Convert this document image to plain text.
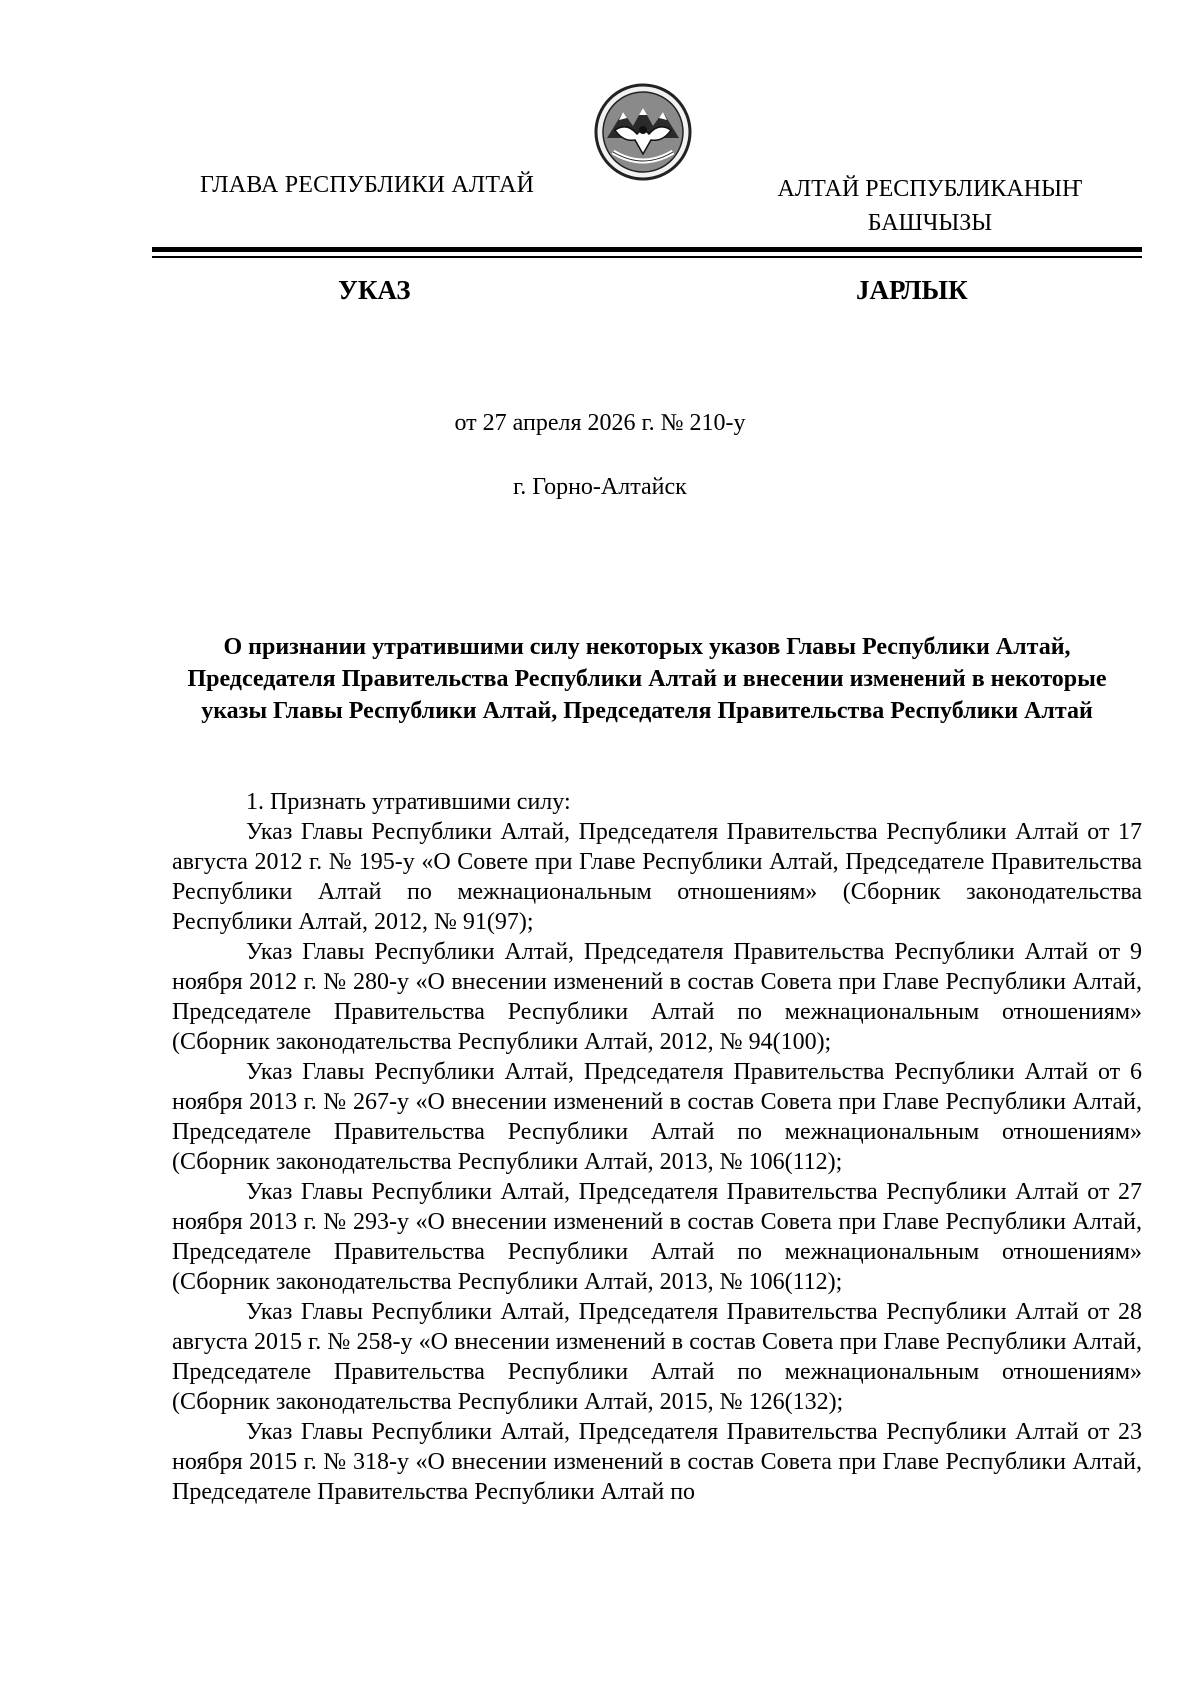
ГЛАВА РЕСПУБЛИКИ АЛТАЙ	АЛТАЙ РЕСПУБЛИКАНЫҤ
БАШЧЫЗЫ
УКАЗ	ЈАРЛЫК
от 27 апреля 2026 г. № 210-у
г. Горно-Алтайск
О признании утратившими силу некоторых указов Главы Республики Алтай, Председателя Правительства Республики Алтай и внесении изменений в некоторые указы Главы Республики Алтай, Председателя Правительства Республики Алтай

1. Признать утратившими силу:

Указ Главы Республики Алтай, Председателя Правительства Республики Алтай от 17 августа 2012 г. № 195-у «О Совете при Главе Республики Алтай, Председателе Правительства Республики Алтай по межнациональным отношениям» (Сборник законодательства Республики Алтай, 2012, № 91(97);

Указ Главы Республики Алтай, Председателя Правительства Республики Алтай от 9 ноября 2012 г. № 280-у «О внесении изменений в состав Совета при Главе Республики Алтай, Председателе Правительства Республики Алтай по межнациональным отношениям» (Сборник законодательства Республики Алтай, 2012, № 94(100);

Указ Главы Республики Алтай, Председателя Правительства Республики Алтай от 6 ноября 2013 г. № 267-у «О внесении изменений в состав Совета при Главе Республики Алтай, Председателе Правительства Республики Алтай по межнациональным отношениям» (Сборник законодательства Республики Алтай, 2013, № 106(112);

Указ Главы Республики Алтай, Председателя Правительства Республики Алтай от 27 ноября 2013 г. № 293-у «О внесении изменений в состав Совета при Главе Республики Алтай, Председателе Правительства Республики Алтай по межнациональным отношениям» (Сборник законодательства Республики Алтай, 2013, № 106(112);

Указ Главы Республики Алтай, Председателя Правительства Республики Алтай от 28 августа 2015 г. № 258-у «О внесении изменений в состав Совета при Главе Республики Алтай, Председателе Правительства Республики Алтай по межнациональным отношениям» (Сборник законодательства Республики Алтай, 2015, № 126(132);

Указ Главы Республики Алтай, Председателя Правительства Республики Алтай от 23 ноября 2015 г. № 318-у «О внесении изменений в состав Совета при Главе Республики Алтай, Председателе Правительства Республики Алтай по
